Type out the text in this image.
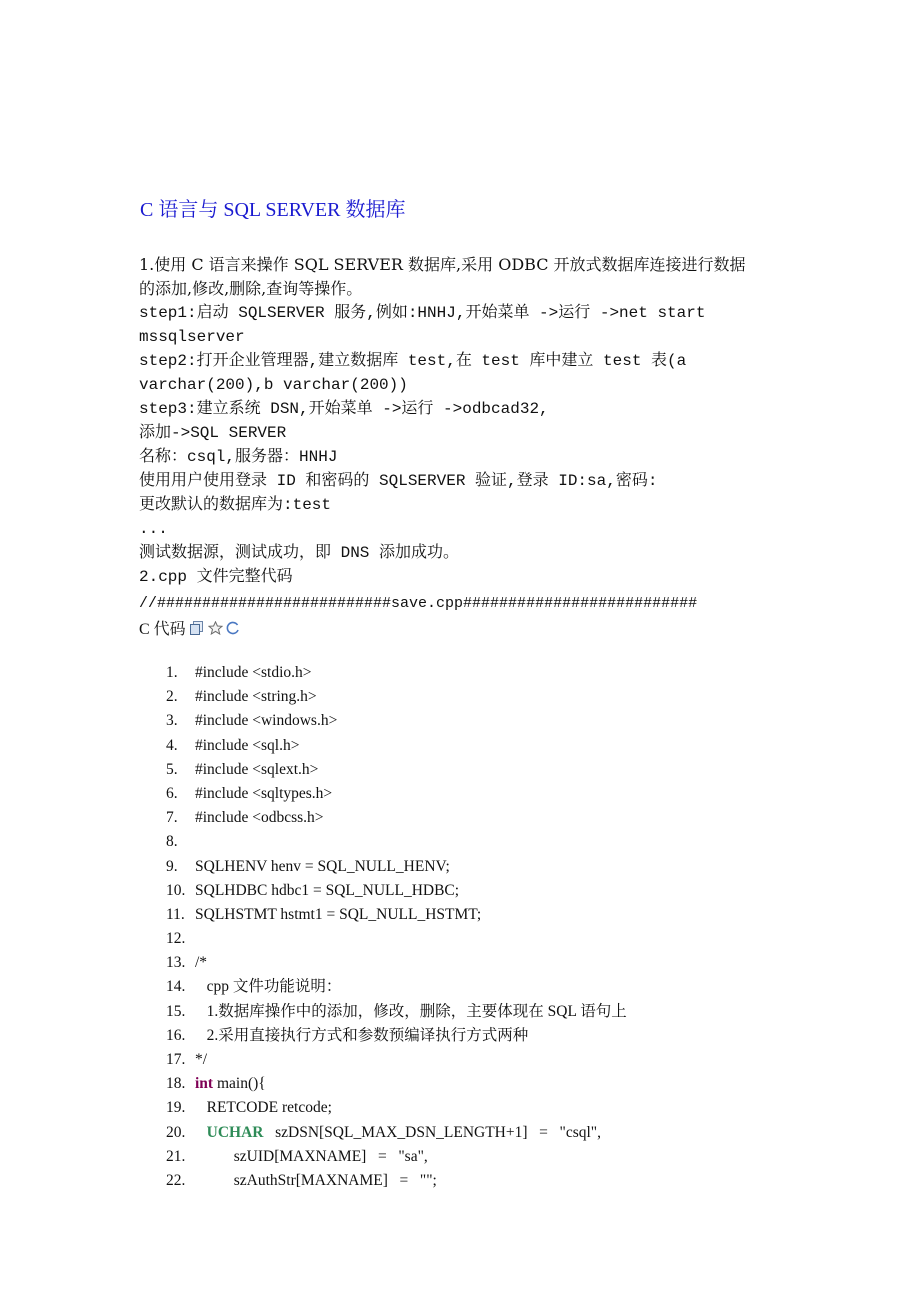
C 语言与 SQL SERVER 数据库
1.使用 C 语言来操作 SQL SERVER 数据库,采用 ODBC 开放式数据库连接进行数据
的添加,修改,删除,查询等操作。
step1:启动 SQLSERVER 服务,例如:HNHJ,开始菜单 ->运行 ->net start
mssqlserver
step2:打开企业管理器,建立数据库 test,在 test 库中建立 test 表(a
varchar(200),b varchar(200))
step3:建立系统 DSN,开始菜单 ->运行 ->odbcad32,
添加->SQL SERVER
名称：csql,服务器：HNHJ
使用用户使用登录 ID 和密码的 SQLSERVER 验证,登录 ID:sa,密码:
更改默认的数据库为:test
...
测试数据源，测试成功，即 DNS 添加成功。
2.cpp 文件完整代码
//##########################save.cpp##########################
C 代码
1. #include <stdio.h>
2. #include <string.h>
3. #include <windows.h>
4. #include <sql.h>
5. #include <sqlext.h>
6. #include <sqltypes.h>
7. #include <odbcss.h>
8.
9. SQLHENV henv = SQL_NULL_HENV;
10. SQLHDBC hdbc1 = SQL_NULL_HDBC;
11. SQLHSTMT hstmt1 = SQL_NULL_HSTMT;
12.
13. /*
14.   cpp 文件功能说明：
15.   1.数据库操作中的添加，修改，删除，主要体现在 SQL 语句上
16.   2.采用直接执行方式和参数预编译执行方式两种
17. */
18. int main(){
19.   RETCODE retcode;
20. UCHAR   szDSN[SQL_MAX_DSN_LENGTH+1]   =   "csql",
21.          szUID[MAXNAME]   =   "sa",
22.          szAuthStr[MAXNAME]   =   "";
